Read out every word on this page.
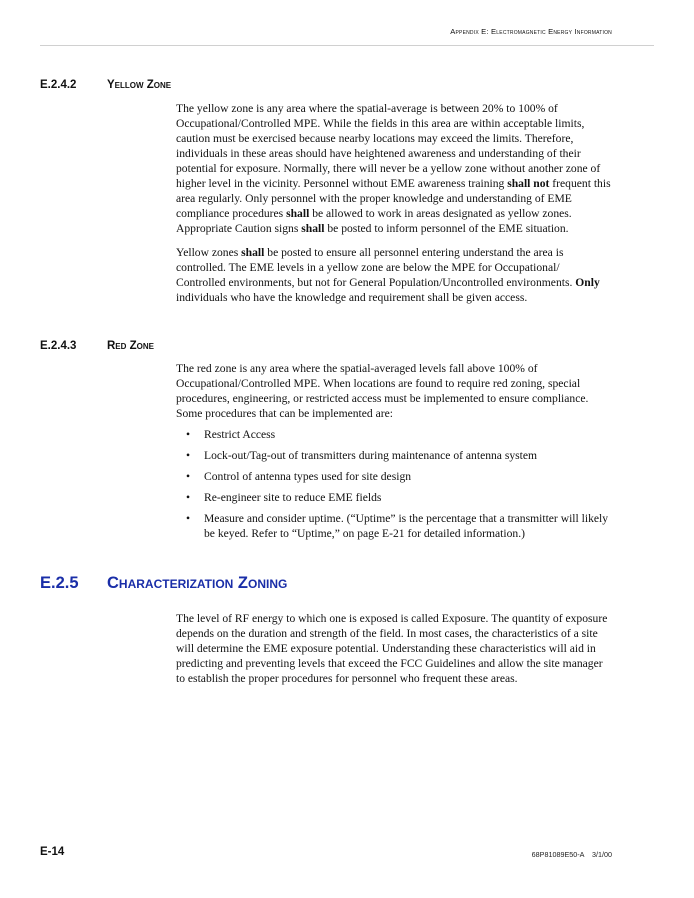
Appendix E: Electromagnetic Energy Information
E.2.4.2	Yellow Zone

The yellow zone is any area where the spatial-average is between 20% to 100% of Occupational/Controlled MPE. While the fields in this area are within acceptable limits, caution must be exercised because nearby locations may exceed the limits. Therefore, individuals in these areas should have heightened awareness and understanding of their potential for exposure. Normally, there will never be a yellow zone without another zone of higher level in the vicinity. Personnel without EME awareness training shall not frequent this area regularly. Only personnel with the proper knowledge and understanding of EME compliance procedures shall be allowed to work in areas designated as yellow zones. Appropriate Caution signs shall be posted to inform personnel of the EME situation.

Yellow zones shall be posted to ensure all personnel entering understand the area is controlled. The EME levels in a yellow zone are below the MPE for Occupational/ Controlled environments, but not for General Population/Uncontrolled environments. Only individuals who have the knowledge and requirement shall be given access.

E.2.4.3	Red Zone

The red zone is any area where the spatial-averaged levels fall above 100% of Occupational/Controlled MPE. When locations are found to require red zoning, special procedures, engineering, or restricted access must be implemented to ensure compliance. Some procedures that can be implemented are:

• Restrict Access
• Lock-out/Tag-out of transmitters during maintenance of antenna system
• Control of antenna types used for site design
• Re-engineer site to reduce EME fields
• Measure and consider uptime. (“Uptime” is the percentage that a transmitter will likely be keyed. Refer to “Uptime,” on page E-21 for detailed information.)
E.2.5 Characterization Zoning

The level of RF energy to which one is exposed is called Exposure. The quantity of exposure depends on the duration and strength of the field. In most cases, the characteristics of a site will determine the EME exposure potential. Understanding these characteristics will aid in predicting and preventing levels that exceed the FCC Guidelines and allow the site manager to establish the proper procedures for personnel who frequent these areas.

E-14	68P81089E50-A    3/1/00
